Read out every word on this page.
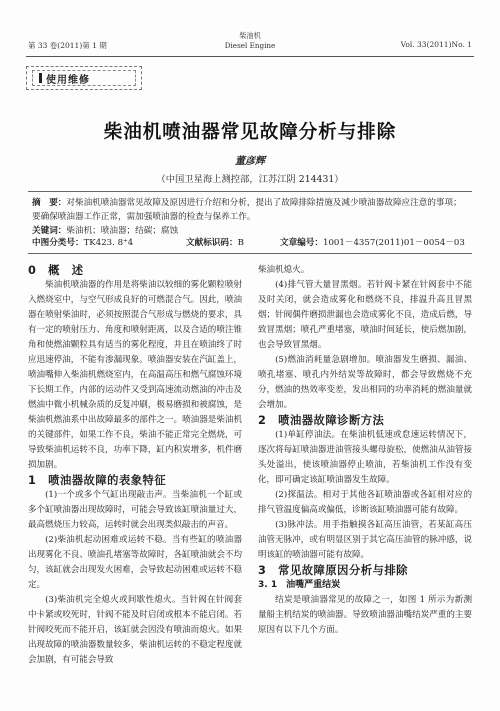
第 33 卷(2011)第 1 期
柴油机
Diesel Engine	Vol. 33(2011)No. 1
使用维修
柴油机喷油器常见故障分析与排除
董彦辉
（中国卫星海上测控部，江苏江阴 214431）
摘　要：对柴油机喷油器常见故障及原因进行介绍和分析，提出了故障排除措施及减少喷油器故障应注意的事项；要确保喷油器工作正常，需加强喷油器的检查与保养工作。
关键词：柴油机；喷油器；结碳；腐蚀
中图分类号：TK423. 8⁺4	文献标识码：B	文章编号：1001－4357(2011)01－0054－03

0　概　述

柴油机喷油器的作用是将柴油以较细的雾化颗粒喷射入燃烧室中，与空气形成良好的可燃混合气。因此，喷油器在喷射柴油时，必须按照混合气形成与燃烧的要求，具有一定的喷射压力、角度和喷射距离，以及合适的喷注锥角和使燃油颗粒具有适当的雾化程度，并且在喷油终了时应迅速停油，不能有渗漏现象。喷油器安装在汽缸盖上，喷油嘴伸入柴油机燃烧室内，在高温高压和燃气腐蚀环境下长期工作，内部的运动件又受到高速流动燃油的冲击及燃油中微小机械杂质的反复冲刷，极易磨损和被腐蚀，是柴油机燃油系中出故障最多的部件之一。喷油器是柴油机的关键部件，如果工作不良，柴油不能正常完全燃烧，可导致柴油机运转不良，功率下降，缸内积炭增多，机件磨损加剧。

1　喷油器故障的表象特征

(1)一个或多个气缸出现敲击声。当柴油机一个缸或多个缸喷油器出现故障时，可能会导致该缸喷油量过大，最高燃烧压力较高，运转时就会出现类似敲击的声音。

(2)柴油机起动困难或运转不稳。当有些缸的喷油器出现雾化不良、喷油孔堵塞等故障时，各缸喷油就会不均匀，该缸就会出现发火困难，会导致起动困难或运转不稳定。

(3)柴油机完全熄火或间歇性熄火。当针阀在针阀套中卡紧或咬死时，针阀不能及时启闭或根本不能启闭。若针阀咬死而不能开启，该缸就会因没有喷油而熄火。如果出现故障的喷油器数量较多，柴油机运转的不稳定程度就会加剧，有可能会导致

柴油机熄火。

(4)排气管大量冒黑烟。若针阀卡紧在针阀套中不能及时关闭，就会造成雾化和燃烧不良，排温升高且冒黑烟；针阀偶件磨损泄漏也会造成雾化不良，造成后燃，导致冒黑烟；喷孔严重堵塞，喷油时间延长，使后燃加剧，也会导致冒黑烟。

(5)燃油消耗量急剧增加。喷油器发生磨损、漏油、喷孔堵塞、喷孔内外结炭等故障时，都会导致燃烧不充分，燃油的热效率变差，发出相同的功率消耗的燃油量就会增加。

2　喷油器故障诊断方法

(1)单缸停油法。在柴油机低速或怠速运转情况下，逐次将每缸喷油器进油管接头螺母旋松，使燃油从油管接头处溢出，使该喷油器停止喷油，若柴油机工作没有变化，即可确定该缸喷油器发生故障。

(2)探温法。相对于其他各缸喷油器或各缸相对应的排气管温度偏高或偏低，诊断该缸喷油器可能有故障。

(3)脉冲法。用手指触摸各缸高压油管，若某缸高压油管无脉冲，或有明显区别于其它高压油管的脉冲感，说明该缸的喷油器可能有故障。

3　常见故障原因分析与排除

3. 1　油嘴严重结炭

结炭是喷油器常见的故障之一，如图 1 所示为新测量船主机结炭的喷油器。导致喷油器油嘴结炭严重的主要原因有以下几个方面。
